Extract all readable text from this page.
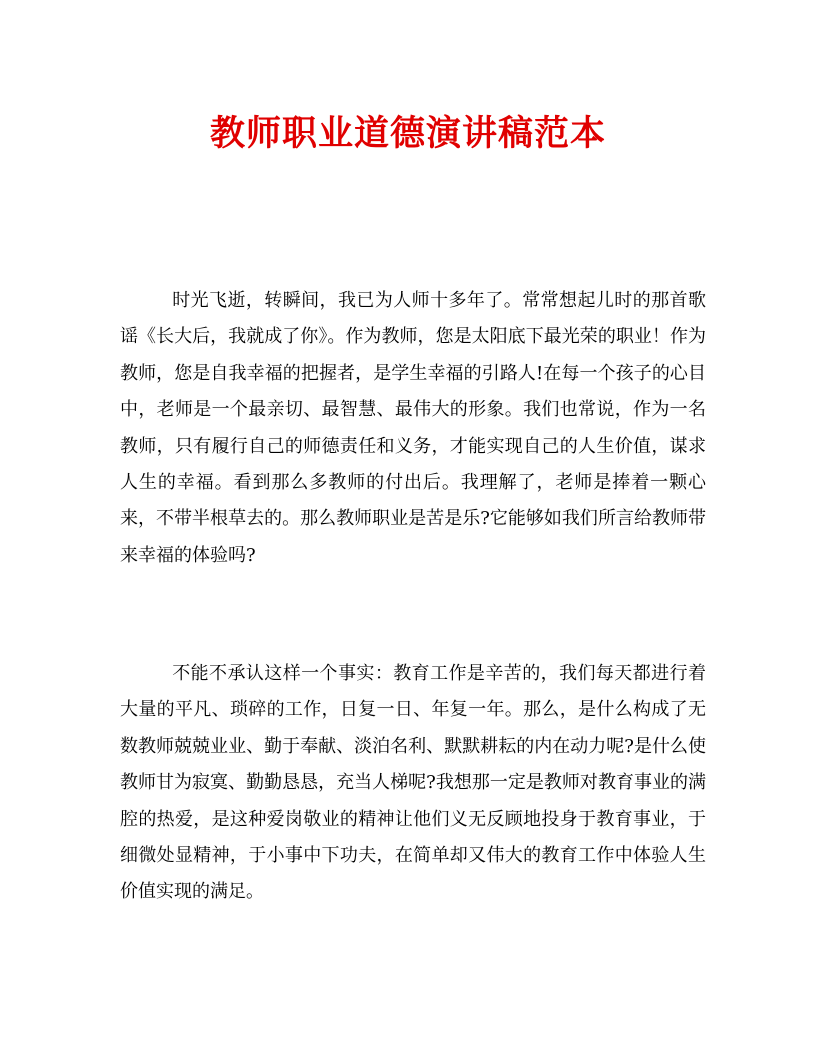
教师职业道德演讲稿范本

时光飞逝，转瞬间，我已为人师十多年了。常常想起儿时的那首歌谣《长大后，我就成了你》。作为教师，您是太阳底下最光荣的职业！作为教师，您是自我幸福的把握者，是学生幸福的引路人!在每一个孩子的心目中，老师是一个最亲切、最智慧、最伟大的形象。我们也常说，作为一名教师，只有履行自己的师德责任和义务，才能实现自己的人生价值，谋求人生的幸福。看到那么多教师的付出后。我理解了，老师是捧着一颗心来，不带半根草去的。那么教师职业是苦是乐?它能够如我们所言给教师带来幸福的体验吗?

不能不承认这样一个事实：教育工作是辛苦的，我们每天都进行着大量的平凡、琐碎的工作，日复一日、年复一年。那么，是什么构成了无数教师兢兢业业、勤于奉献、淡泊名利、默默耕耘的内在动力呢?是什么使教师甘为寂寞、勤勤恳恳，充当人梯呢?我想那一定是教师对教育事业的满腔的热爱，是这种爱岗敬业的精神让他们义无反顾地投身于教育事业，于细微处显精神，于小事中下功夫，在简单却又伟大的教育工作中体验人生价值实现的满足。
